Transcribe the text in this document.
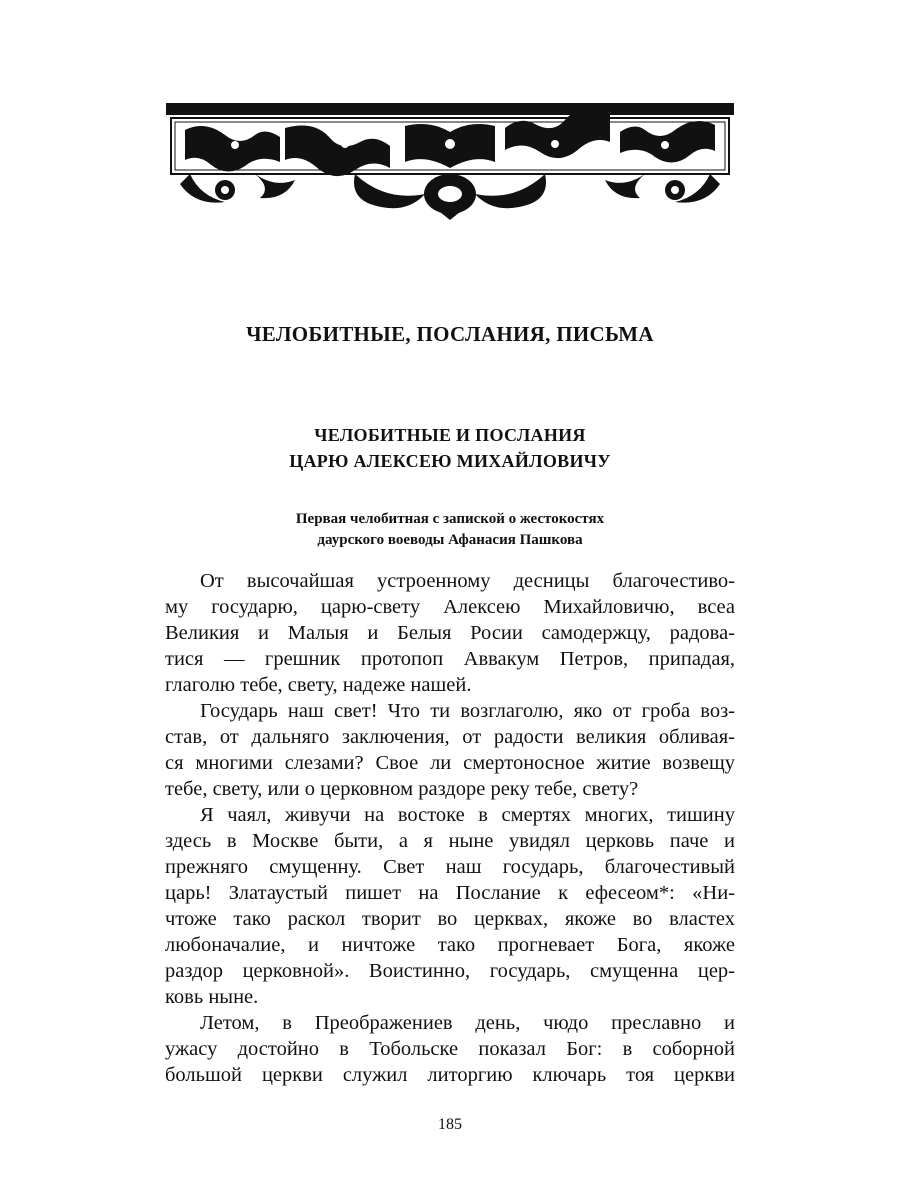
ЧЕЛОБИТНЫЕ, ПОСЛАНИЯ, ПИСЬМА
ЧЕЛОБИТНЫЕ И ПОСЛАНИЯ
ЦАРЮ АЛЕКСЕЮ МИХАЙЛОВИЧУ
Первая челобитная с запиской о жестокостях
даурского воеводы Афанасия Пашкова
От высочайшая устроенному десницы благочестиво-
му государю, царю-свету Алексею Михайловичю, всеа
Великия и Малыя и Белыя Росии самодержцу, радова-
тися — грешник протопоп Аввакум Петров, припадая,
глаголю тебе, свету, надеже нашей.
Государь наш свет! Что ти возглаголю, яко от гроба воз-
став, от дальняго заключения, от радости великия обливая-
ся многими слезами? Свое ли смертоносное житие возвещу
тебе, свету, или о церковном раздоре реку тебе, свету?
Я чаял, живучи на востоке в смертях многих, тишину
здесь в Москве быти, а я ныне увидял церковь паче и
прежняго смущенну. Свет наш государь, благочестивый
царь! Златаустый пишет на Послание к ефесеом*: «Ни-
чтоже тако раскол творит во церквах, якоже во властех
любоначалие, и ничтоже тако прогневает Бога, якоже
раздор церковной». Воистинно, государь, смущенна цер-
ковь ныне.
Летом, в Преображениев день, чюдо преславно и
ужасу достойно в Тобольске показал Бог: в соборной
большой церкви служил литоргию ключарь тоя церкви
185
